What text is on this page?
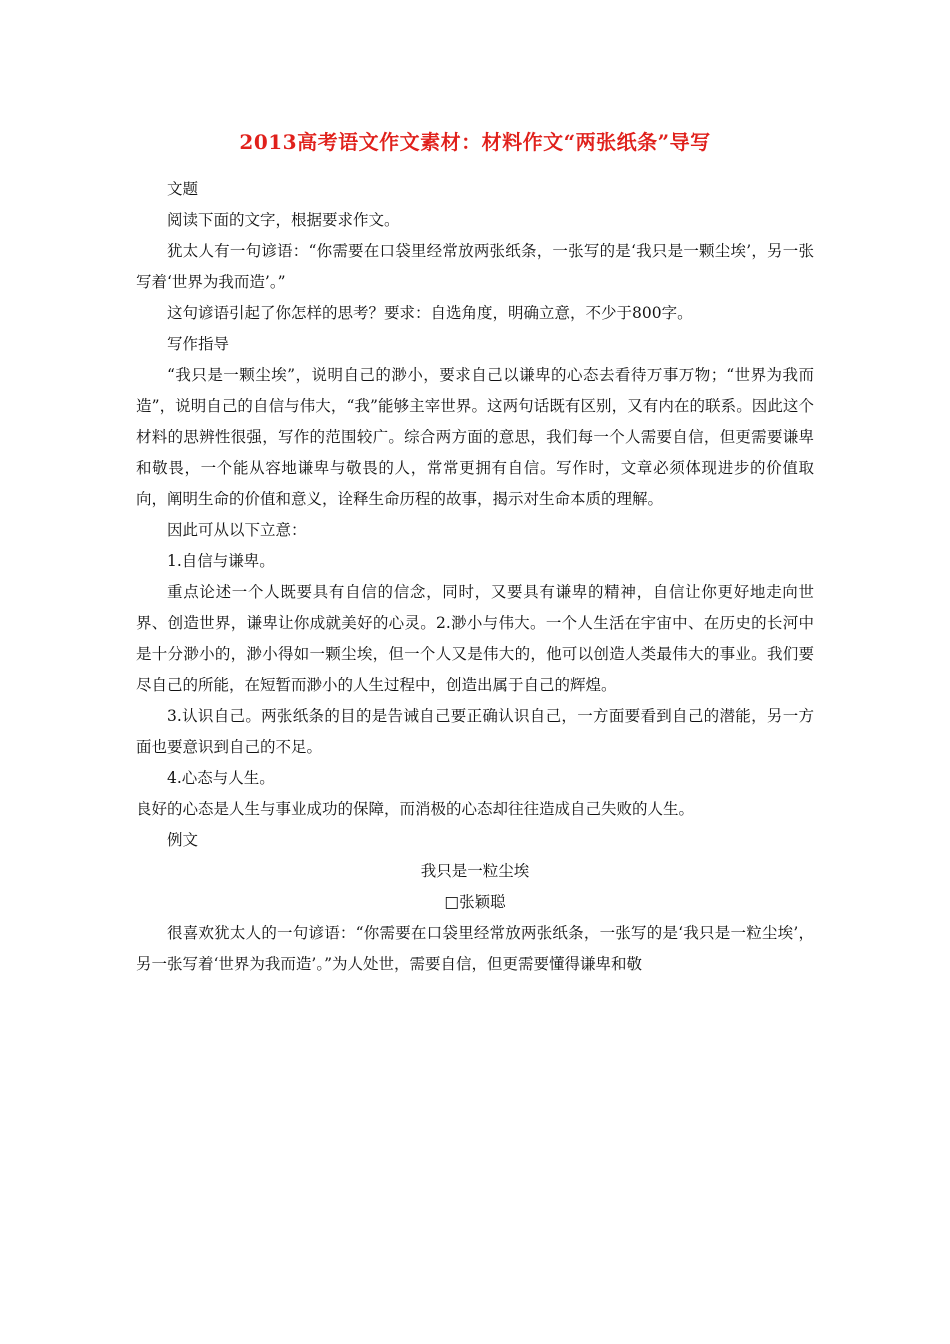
2013高考语文作文素材：材料作文“两张纸条”导写

文题

阅读下面的文字，根据要求作文。

犹太人有一句谚语：“你需要在口袋里经常放两张纸条，一张写的是‘我只是一颗尘埃’，另一张写着‘世界为我而造’。”

这句谚语引起了你怎样的思考？要求：自选角度，明确立意，不少于800字。

写作指导

“我只是一颗尘埃”，说明自己的渺小，要求自己以谦卑的心态去看待万事万物；“世界为我而造”，说明自己的自信与伟大，“我”能够主宰世界。这两句话既有区别，又有内在的联系。因此这个材料的思辨性很强，写作的范围较广。综合两方面的意思，我们每一个人需要自信，但更需要谦卑和敬畏，一个能从容地谦卑与敬畏的人，常常更拥有自信。写作时，文章必须体现进步的价值取向，阐明生命的价值和意义，诠释生命历程的故事，揭示对生命本质的理解。

因此可从以下立意：

1.自信与谦卑。

重点论述一个人既要具有自信的信念，同时，又要具有谦卑的精神，自信让你更好地走向世界、创造世界，谦卑让你成就美好的心灵。2.渺小与伟大。一个人生活在宇宙中、在历史的长河中是十分渺小的，渺小得如一颗尘埃，但一个人又是伟大的，他可以创造人类最伟大的事业。我们要尽自己的所能，在短暂而渺小的人生过程中，创造出属于自己的辉煌。

3.认识自己。两张纸条的目的是告诫自己要正确认识自己，一方面要看到自己的潜能，另一方面也要意识到自己的不足。

4.心态与人生。

良好的心态是人生与事业成功的保障，而消极的心态却往往造成自己失败的人生。

例文

我只是一粒尘埃

□张颖聪

很喜欢犹太人的一句谚语：“你需要在口袋里经常放两张纸条，一张写的是‘我只是一粒尘埃’，另一张写着‘世界为我而造’。”为人处世，需要自信，但更需要懂得谦卑和敬
